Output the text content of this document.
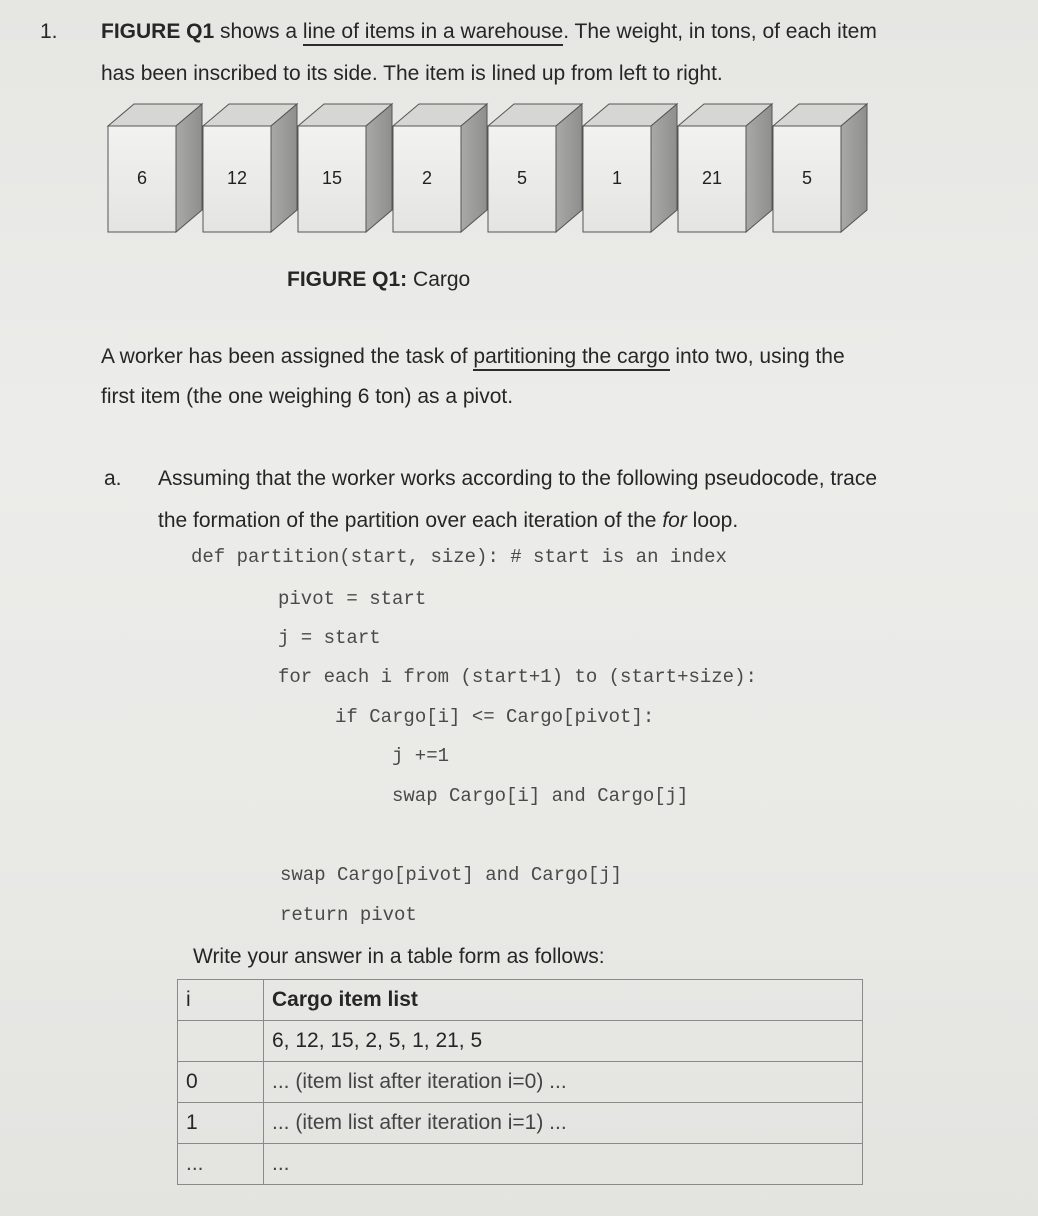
1. FIGURE Q1 shows a line of items in a warehouse. The weight, in tons, of each item
has been inscribed to its side. The item is lined up from left to right.
6	12	15	2	5	1	21	5
FIGURE Q1: Cargo
A worker has been assigned the task of partitioning the cargo into two, using the
first item (the one weighing 6 ton) as a pivot.
a. Assuming that the worker works according to the following pseudocode, trace
the formation of the partition over each iteration of the for loop.
def partition(start, size): # start is an index
pivot = start
j = start
for each i from (start+1) to (start+size):
if Cargo[i] <= Cargo[pivot]:
j +=1
swap Cargo[i] and Cargo[j]
swap Cargo[pivot] and Cargo[j]
return pivot
Write your answer in a table form as follows:
i	Cargo item list
	6, 12, 15, 2, 5, 1, 21, 5
0	... (item list after iteration i=0) ...
1	... (item list after iteration i=1) ...
...	...
